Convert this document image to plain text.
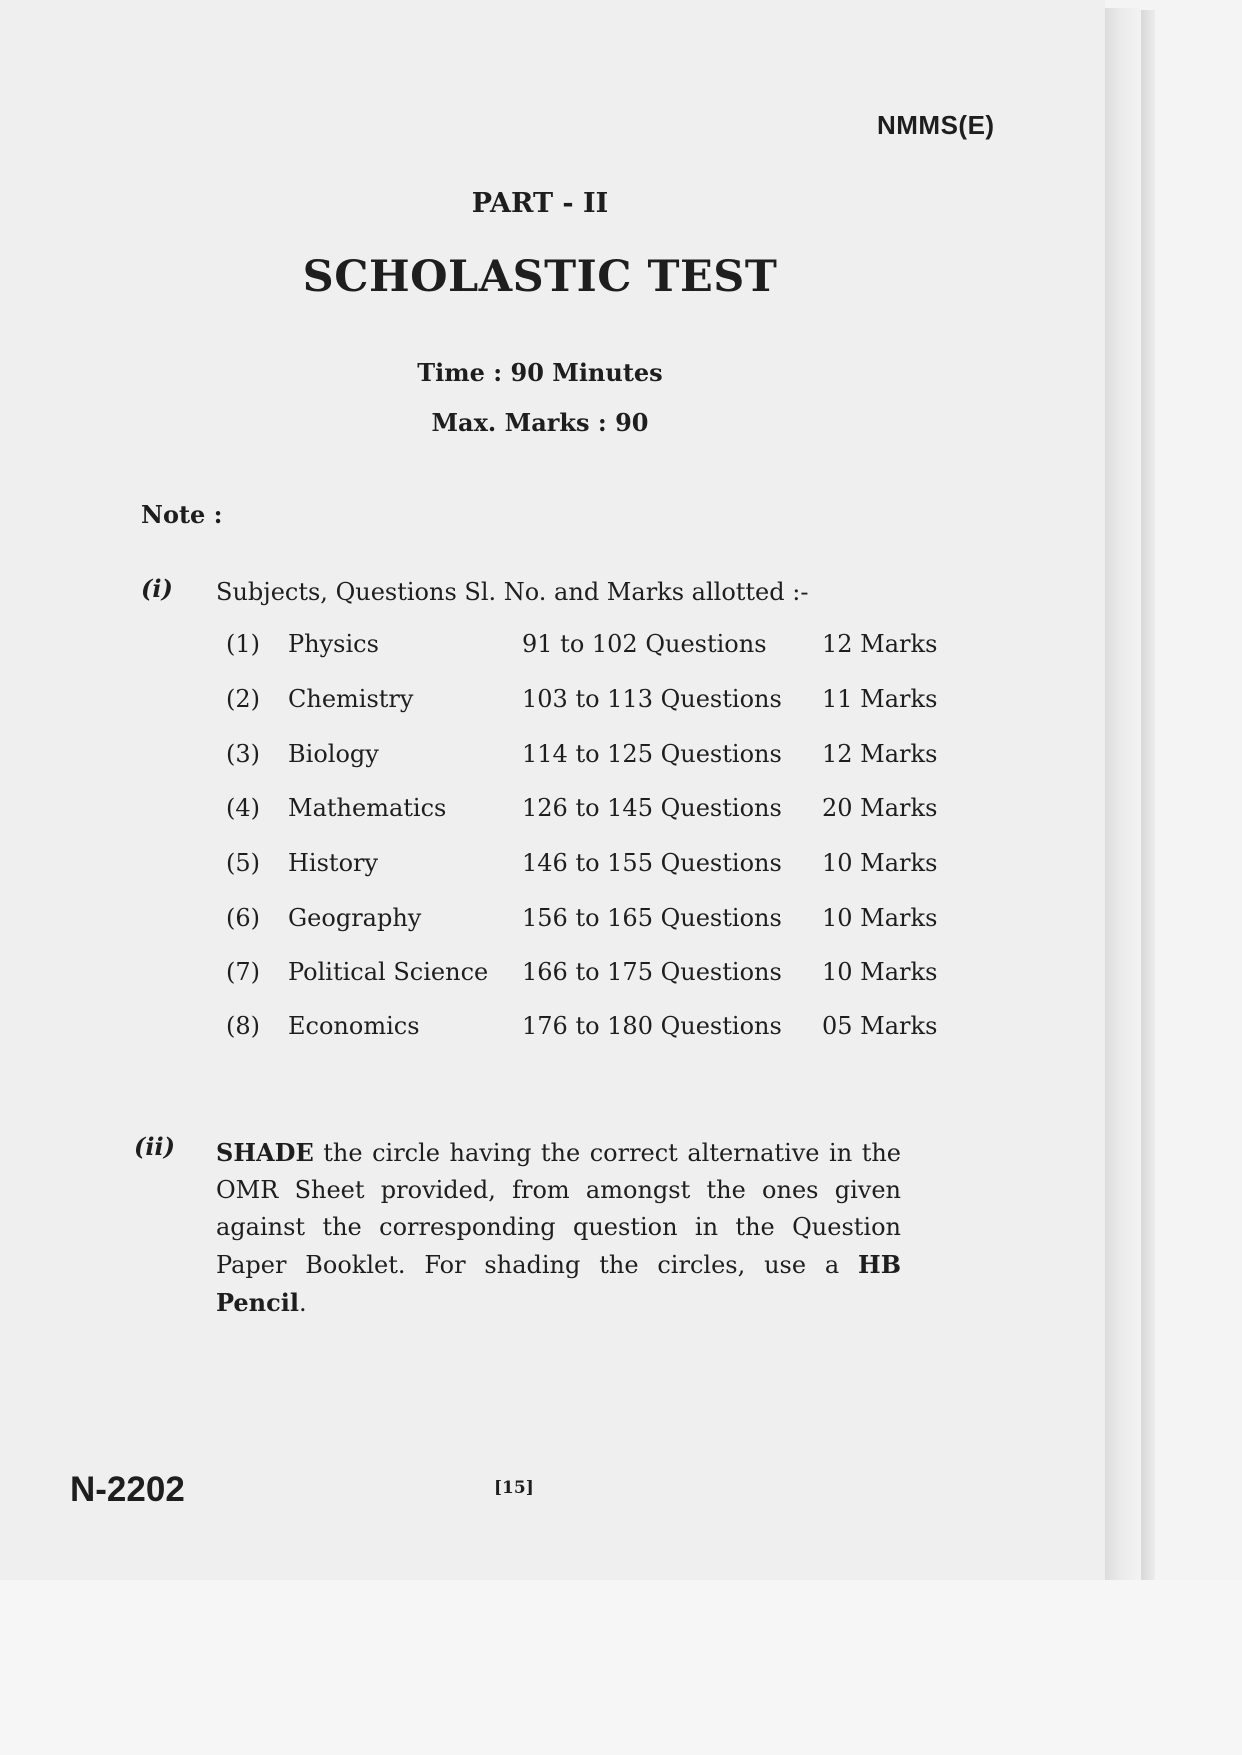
NMMS(E)

PART - II

SCHOLASTIC TEST

Time : 90 Minutes

Max. Marks : 90

Note :

(i) Subjects, Questions Sl. No. and Marks allotted :-

(1) Physics	91 to 102 Questions 12 Marks
(2) Chemistry	103 to 113 Questions 11 Marks
(3) Biology	114 to 125 Questions 12 Marks
(4) Mathematics	126 to 145 Questions 20 Marks
(5) History	146 to 155 Questions 10 Marks
(6) Geography	156 to 165 Questions 10 Marks
(7) Political Science 166 to 175 Questions 10 Marks
(8) Economics	176 to 180 Questions 05 Marks

(ii) SHADE the circle having the correct alternative in the OMR Sheet provided, from amongst the ones given against the corresponding question in the Question Paper Booklet. For shading the circles, use a HB Pencil.

N-2202	[15]
